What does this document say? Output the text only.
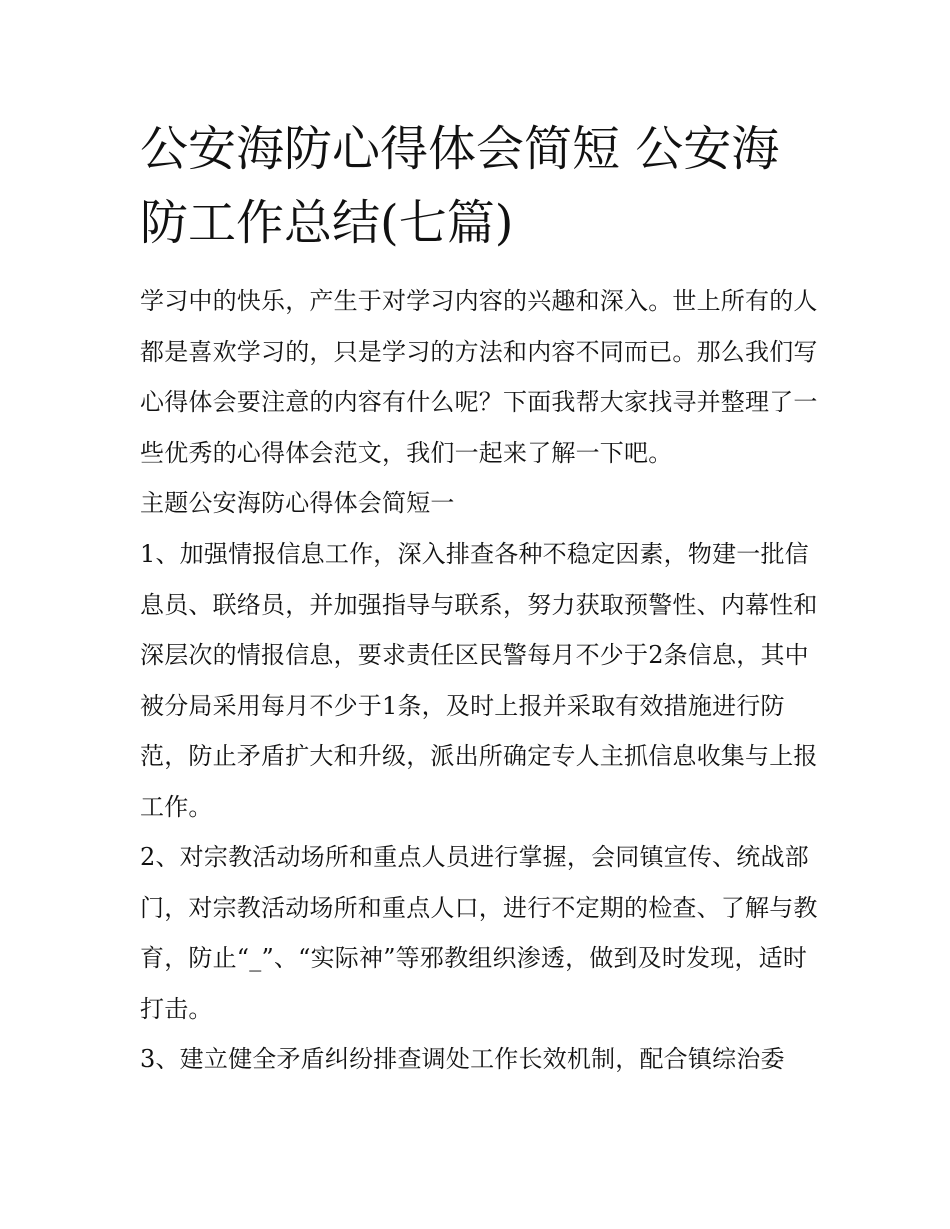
公安海防心得体会简短 公安海防工作总结(七篇)

学习中的快乐，产生于对学习内容的兴趣和深入。世上所有的人都是喜欢学习的，只是学习的方法和内容不同而已。那么我们写心得体会要注意的内容有什么呢？下面我帮大家找寻并整理了一些优秀的心得体会范文，我们一起来了解一下吧。

主题公安海防心得体会简短一

1、加强情报信息工作，深入排查各种不稳定因素，物建一批信息员、联络员，并加强指导与联系，努力获取预警性、内幕性和深层次的情报信息，要求责任区民警每月不少于2条信息，其中被分局采用每月不少于1条，及时上报并采取有效措施进行防范，防止矛盾扩大和升级，派出所确定专人主抓信息收集与上报工作。

2、对宗教活动场所和重点人员进行掌握，会同镇宣传、统战部门，对宗教活动场所和重点人口，进行不定期的检查、了解与教育，防止“_”、“实际神”等邪教组织渗透，做到及时发现，适时打击。

3、建立健全矛盾纠纷排查调处工作长效机制，配合镇综治委
